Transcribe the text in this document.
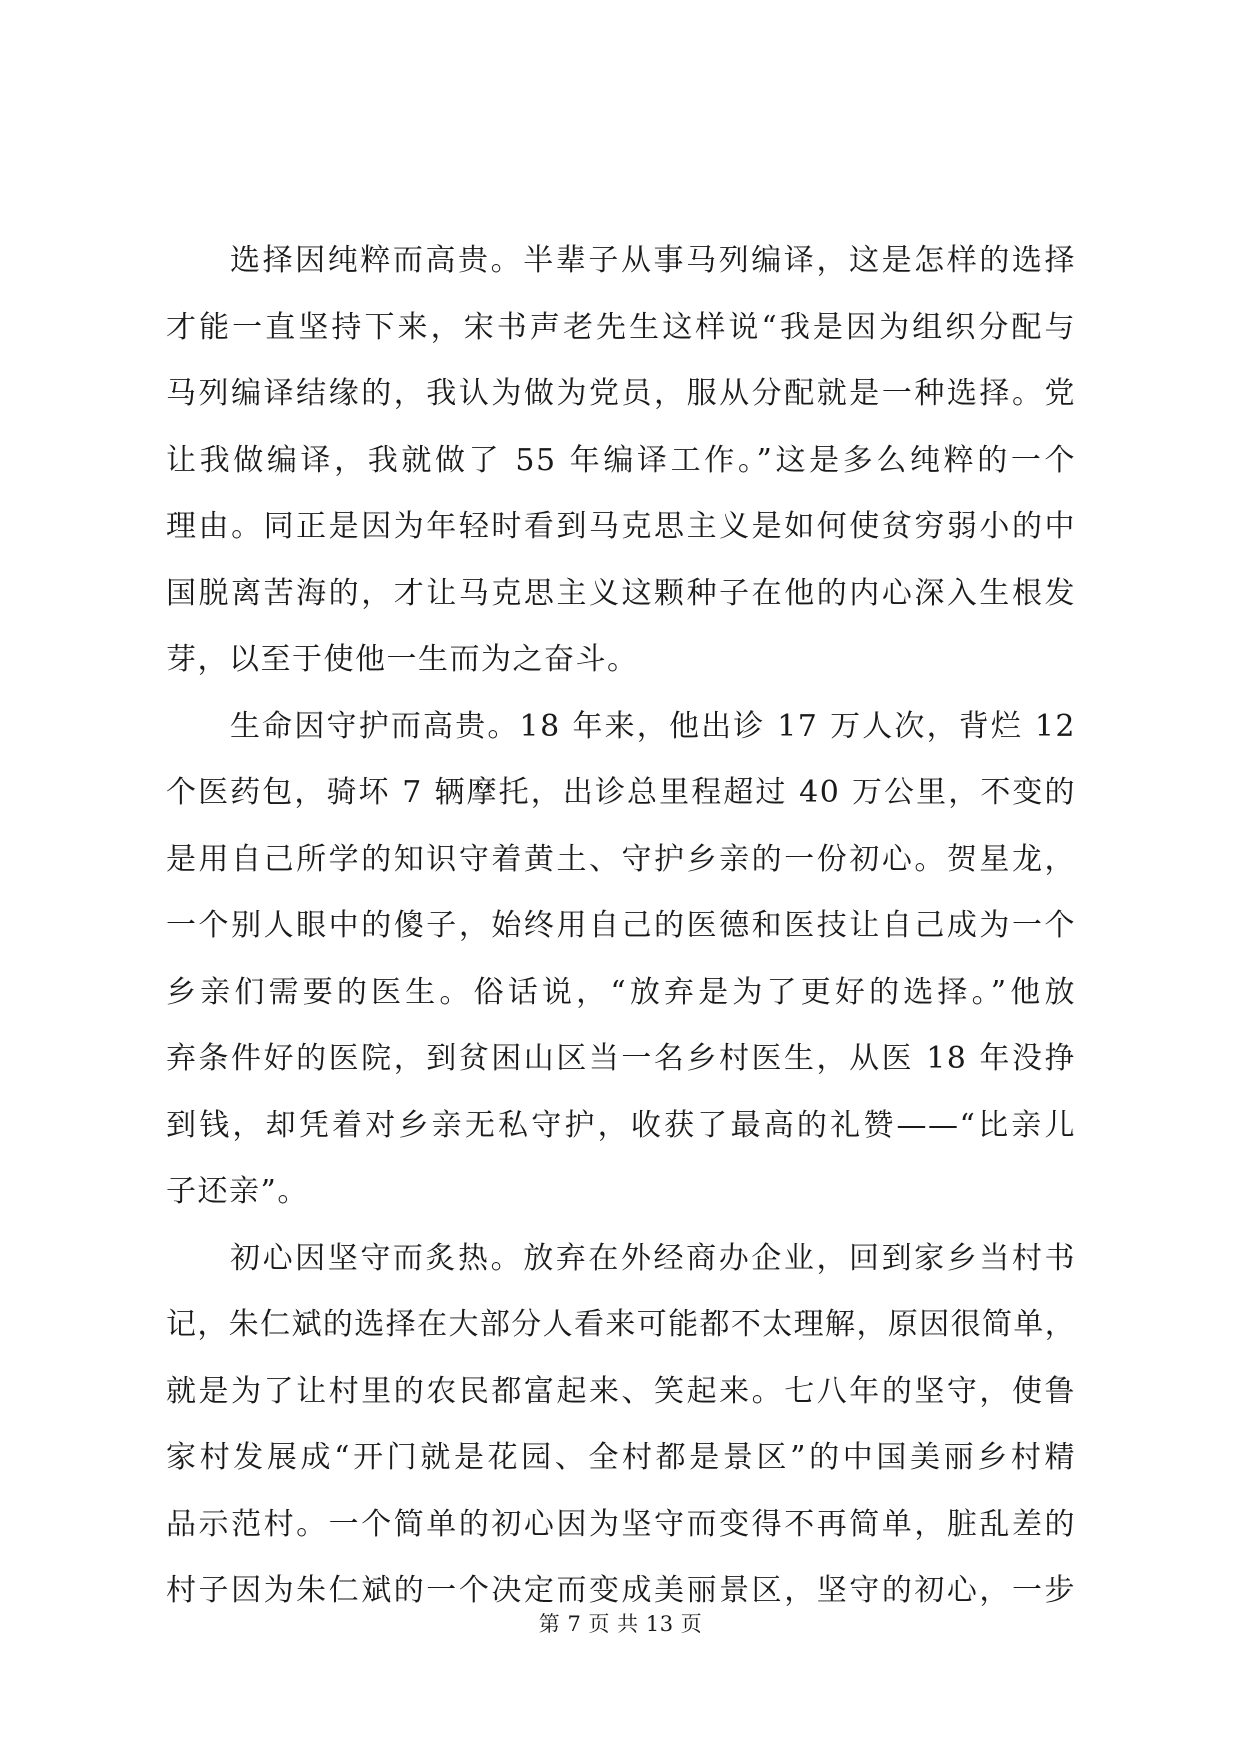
选择因纯粹而高贵。半辈子从事马列编译，这是怎样的选择
才能一直坚持下来，宋书声老先生这样说“我是因为组织分配与
马列编译结缘的，我认为做为党员，服从分配就是一种选择。党
让我做编译，我就做了 55 年编译工作。”这是多么纯粹的一个
理由。同正是因为年轻时看到马克思主义是如何使贫穷弱小的中
国脱离苦海的，才让马克思主义这颗种子在他的内心深入生根发
芽，以至于使他一生而为之奋斗。
生命因守护而高贵。18 年来，他出诊 17 万人次，背烂 12
个医药包，骑坏 7 辆摩托，出诊总里程超过 40 万公里，不变的
是用自己所学的知识守着黄土、守护乡亲的一份初心。贺星龙，
一个别人眼中的傻子，始终用自己的医德和医技让自己成为一个
乡亲们需要的医生。俗话说，“放弃是为了更好的选择。”他放
弃条件好的医院，到贫困山区当一名乡村医生，从医 18 年没挣
到钱，却凭着对乡亲无私守护，收获了最高的礼赞——“比亲儿
子还亲”。
初心因坚守而炙热。放弃在外经商办企业，回到家乡当村书
记，朱仁斌的选择在大部分人看来可能都不太理解，原因很简单，
就是为了让村里的农民都富起来、笑起来。七八年的坚守，使鲁
家村发展成“开门就是花园、全村都是景区”的中国美丽乡村精
品示范村。一个简单的初心因为坚守而变得不再简单，脏乱差的
村子因为朱仁斌的一个决定而变成美丽景区，坚守的初心，一步
第 7 页 共 13 页
